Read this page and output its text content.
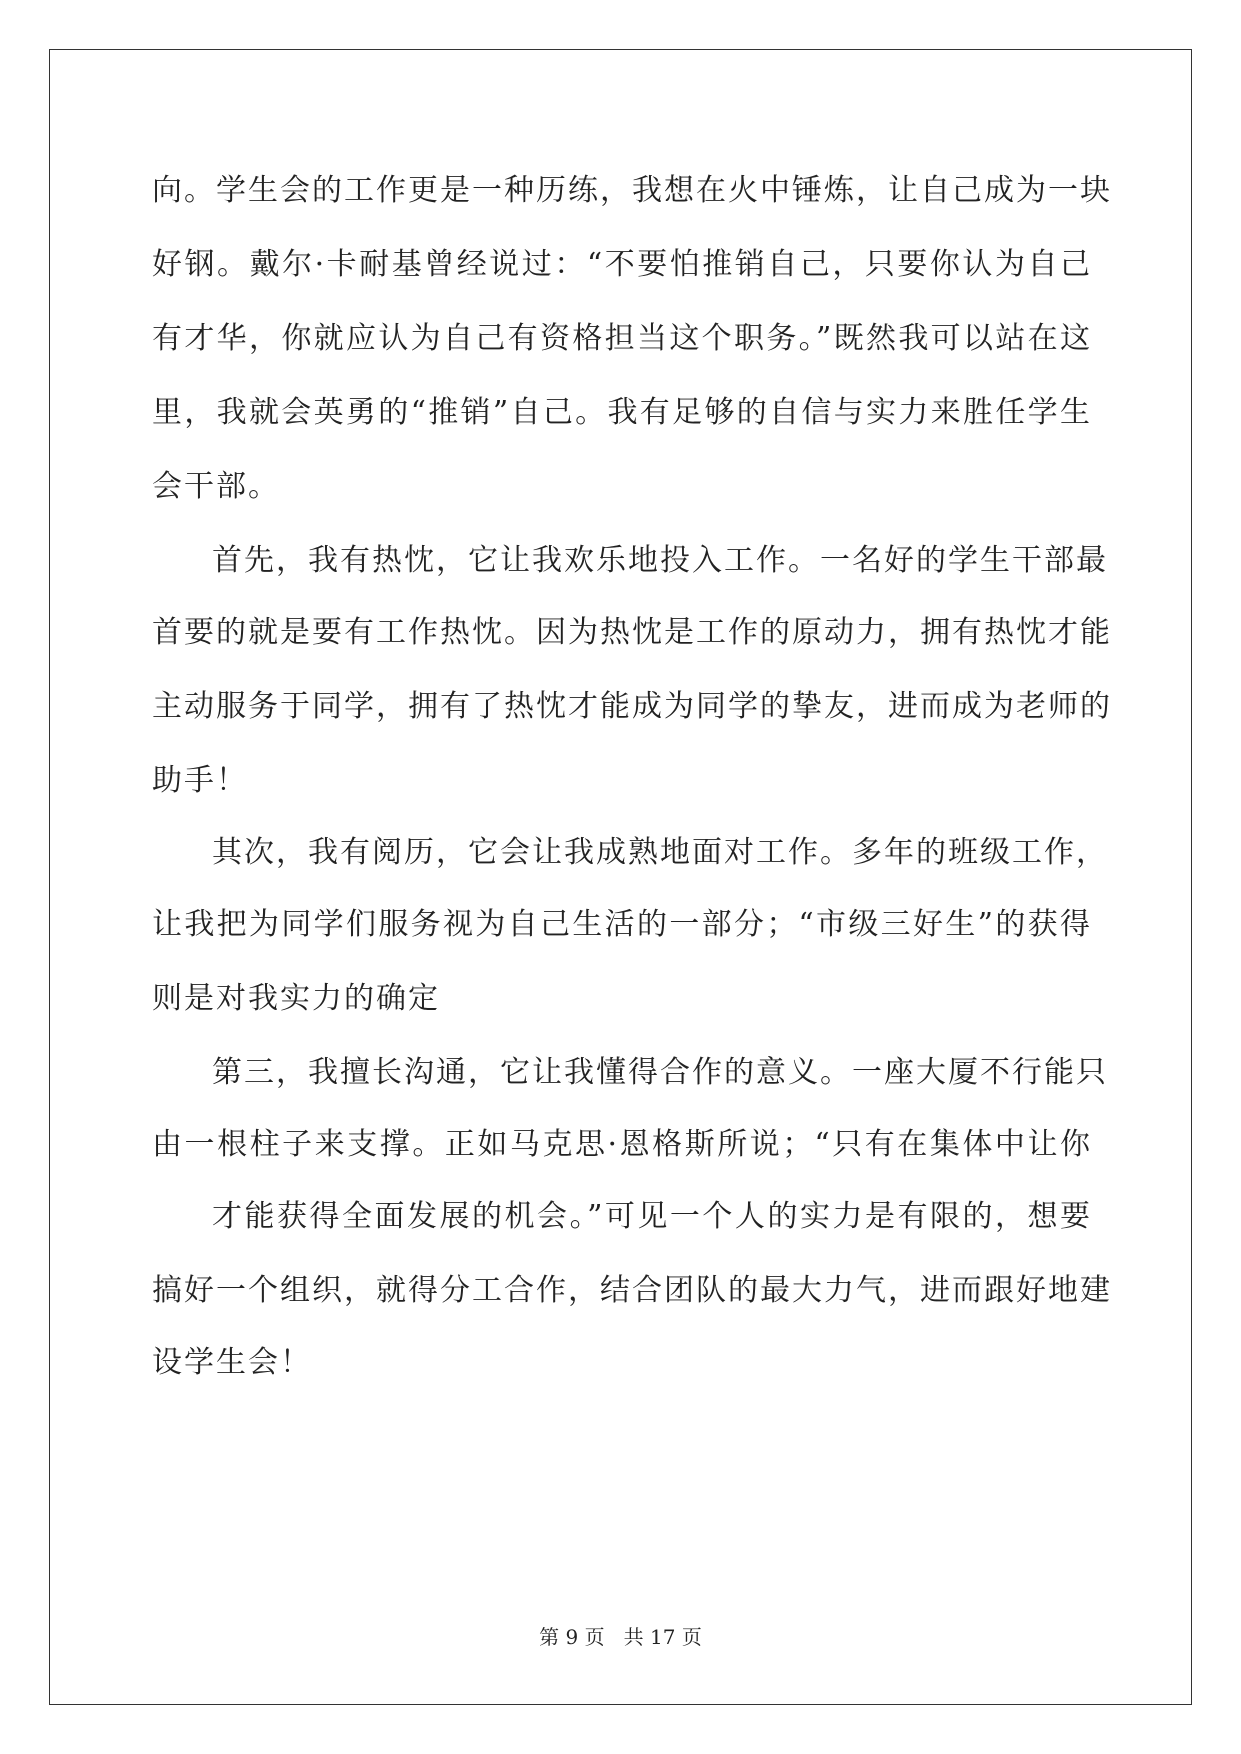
向。学生会的工作更是一种历练，我想在火中锤炼，让自己成为一块
好钢。戴尔·卡耐基曾经说过：“不要怕推销自己，只要你认为自己
有才华，你就应认为自己有资格担当这个职务。”既然我可以站在这
里，我就会英勇的“推销”自己。我有足够的自信与实力来胜任学生
会干部。
首先，我有热忱，它让我欢乐地投入工作。一名好的学生干部最
首要的就是要有工作热忱。因为热忱是工作的原动力，拥有热忱才能
主动服务于同学，拥有了热忱才能成为同学的挚友，进而成为老师的
助手！
其次，我有阅历，它会让我成熟地面对工作。多年的班级工作，
让我把为同学们服务视为自己生活的一部分；“市级三好生”的获得
则是对我实力的确定
第三，我擅长沟通，它让我懂得合作的意义。一座大厦不行能只
由一根柱子来支撑。正如马克思·恩格斯所说；“只有在集体中让你
才能获得全面发展的机会。”可见一个人的实力是有限的，想要
搞好一个组织，就得分工合作，结合团队的最大力气，进而跟好地建
设学生会！
第 9 页   共 17 页
